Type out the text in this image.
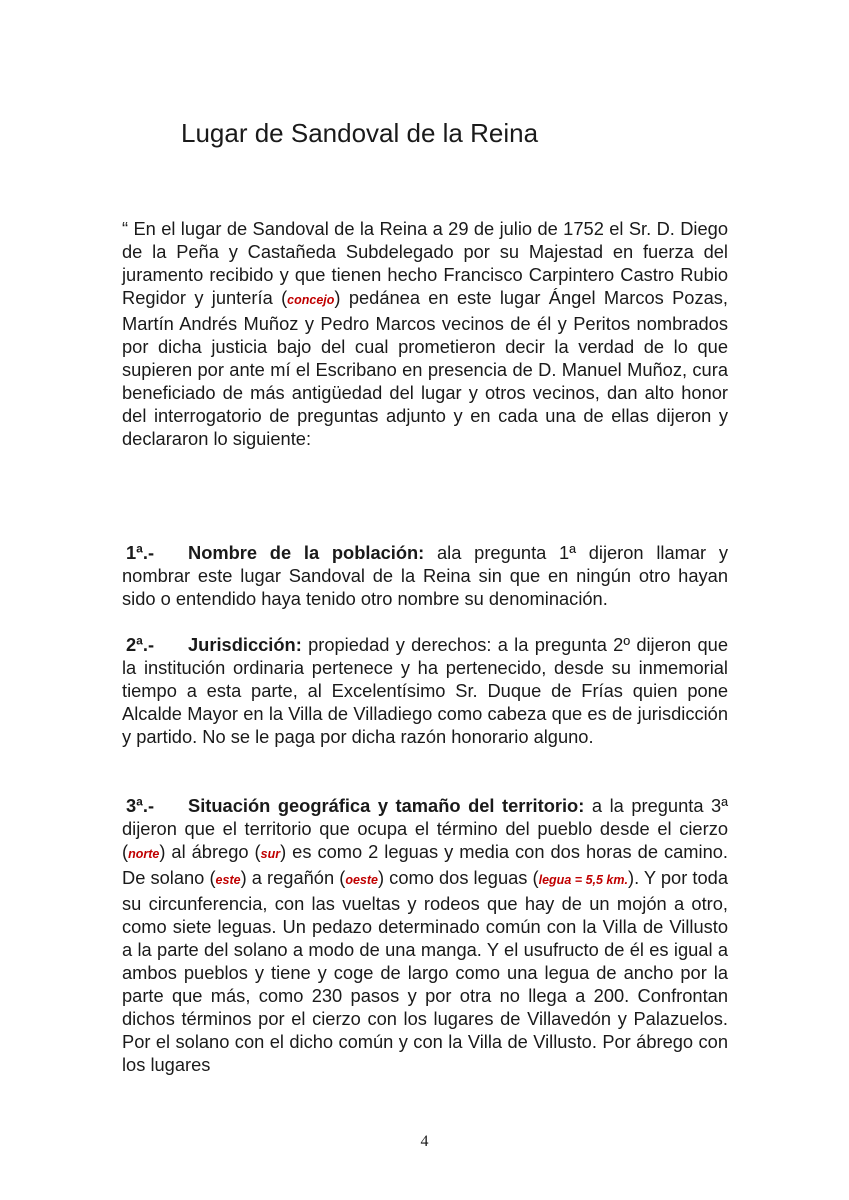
Lugar de Sandoval de la Reina

“ En el lugar de Sandoval de la Reina a 29 de julio de 1752 el Sr. D. Diego de la Peña y Castañeda Subdelegado por su Majestad en fuerza del juramento recibido y que tienen hecho Francisco Carpintero Castro Rubio Regidor y juntería (concejo) pedánea en este lugar Ángel Marcos Pozas, Martín Andrés Muñoz y Pedro Marcos vecinos de él y Peritos nombrados por dicha justicia bajo del cual prometieron decir la verdad de lo que supieren por ante mí el Escribano en presencia de D. Manuel Muñoz, cura beneficiado de más antigüedad del lugar y otros vecinos, dan alto honor del interrogatorio de preguntas adjunto y en cada una de ellas dijeron y declararon lo siguiente:

1ª.- Nombre de la población: ala pregunta 1ª dijeron llamar y nombrar este lugar Sandoval de la Reina sin que en ningún otro hayan sido o entendido haya tenido otro nombre su denominación.

2ª.- Jurisdicción: propiedad y derechos: a la pregunta 2º dijeron que la institución ordinaria pertenece y ha pertenecido, desde su inmemorial tiempo a esta parte, al Excelentísimo Sr. Duque de Frías quien pone Alcalde Mayor en la Villa de Villadiego como cabeza que es de jurisdicción y partido. No se le paga por dicha razón honorario alguno.

3ª.- Situación geográfica y tamaño del territorio: a la pregunta 3ª dijeron que el territorio que ocupa el término del pueblo desde el cierzo (norte) al ábrego (sur) es como 2 leguas y media con dos horas de camino. De solano (este) a regañón (oeste) como dos leguas (legua = 5,5 km.). Y por toda su circunferencia, con las vueltas y rodeos que hay de un mojón a otro, como siete leguas. Un pedazo determinado común con la Villa de Villusto a la parte del solano a modo de una manga. Y el usufructo de él es igual a ambos pueblos y tiene y coge de largo como una legua de ancho por la parte que más, como 230 pasos y por otra no llega a 200. Confrontan dichos términos por el cierzo con los lugares de Villavedón y Palazuelos. Por el solano con el dicho común y con la Villa de Villusto. Por ábrego con los lugares

4
